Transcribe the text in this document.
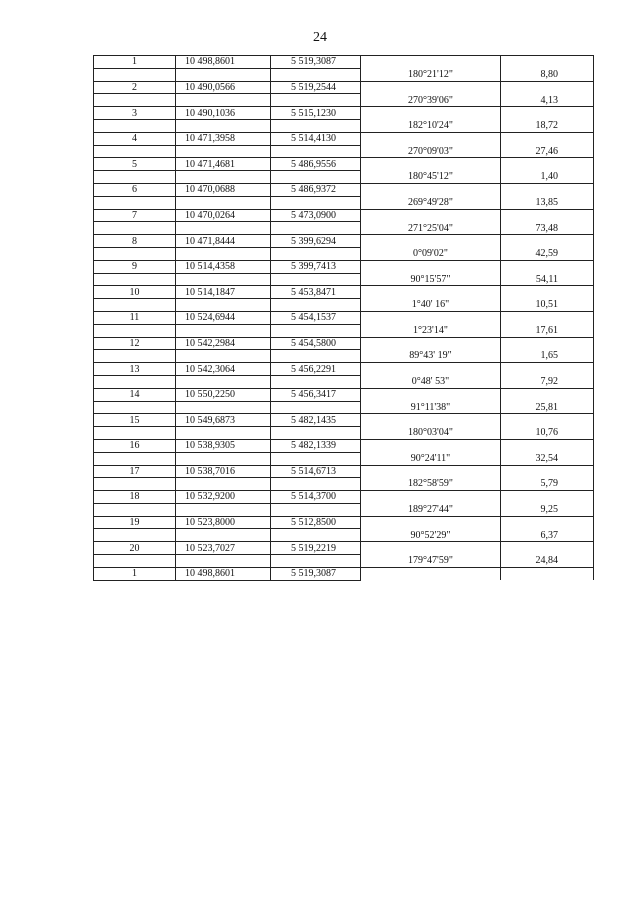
24
1	10 498,8601	5 519,3087		
			180°21'12"	8,80
2	10 490,0566	5 519,2544		
			270°39'06"	4,13
3	10 490,1036	5 515,1230		
			182°10'24"	18,72
4	10 471,3958	5 514,4130		
			270°09'03"	27,46
5	10 471,4681	5 486,9556		
			180°45'12"	1,40
6	10 470,0688	5 486,9372		
			269°49'28"	13,85
7	10 470,0264	5 473,0900		
			271°25'04"	73,48
8	10 471,8444	5 399,6294		
			0°09'02"	42,59
9	10 514,4358	5 399,7413		
			90°15'57"	54,11
10	10 514,1847	5 453,8471		
			1°40' 16"	10,51
11	10 524,6944	5 454,1537		
			1°23'14"	17,61
12	10 542,2984	5 454,5800		
			89°43' 19"	1,65
13	10 542,3064	5 456,2291		
			0°48' 53"	7,92
14	10 550,2250	5 456,3417		
			91°11'38"	25,81
15	10 549,6873	5 482,1435		
			180°03'04"	10,76
16	10 538,9305	5 482,1339		
			90°24'11"	32,54
17	10 538,7016	5 514,6713		
			182°58'59"	5,79
18	10 532,9200	5 514,3700		
			189°27'44"	9,25
19	10 523,8000	5 512,8500		
			90°52'29"	6,37
20	10 523,7027	5 519,2219		
			179°47'59"	24,84
1	10 498,8601	5 519,3087		
